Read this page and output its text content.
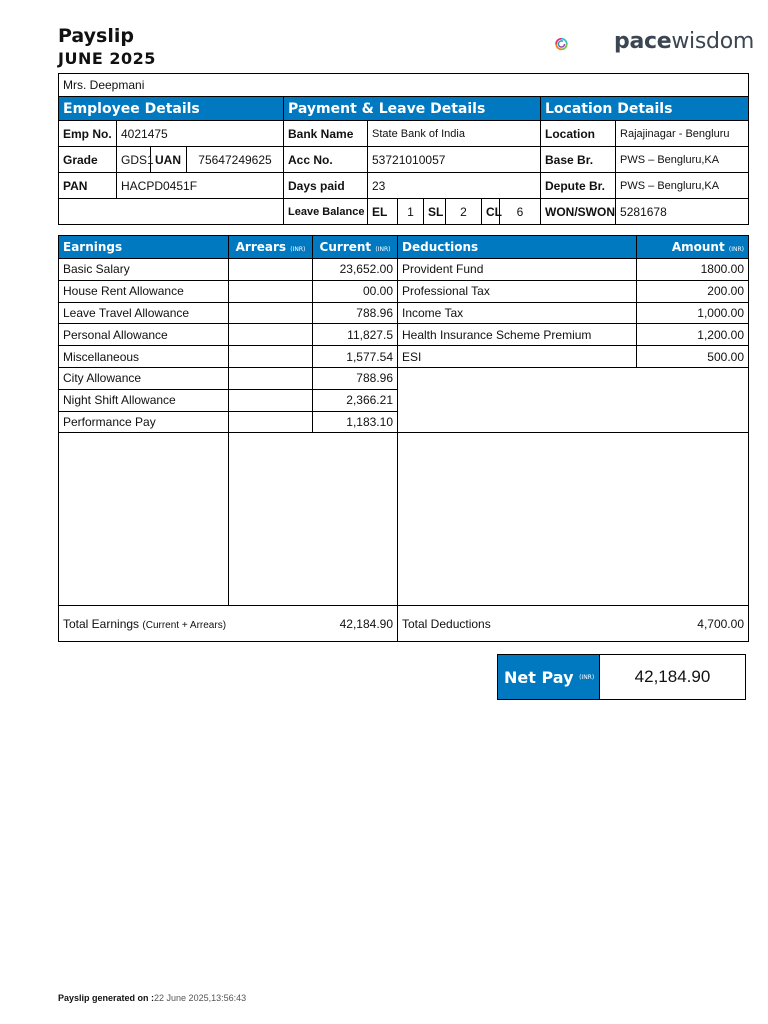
Payslip
JUNE 2025
pacewisdom
Mrs. Deepmani												
Employee Details				Payment & Leave Details							Location Details	
Emp No.	4021475			Bank Name	State Bank of India						Location	Rajajinagar - Bengluru
Grade	GDS1	UAN	75647249625	Acc No.	53721010057						Base Br.	PWS – Bengluru,KA
PAN	HACPD0451F			Days paid	23						Depute Br.	PWS – Bengluru,KA
				Leave Balance	EL	1	SL	2	CL	6	WON/SWON	5281678
Earnings	Arrears (INR)	Current (INR)	Deductions	Amount (INR)
Basic Salary		23,652.00	Provident Fund	1800.00
House Rent Allowance		00.00	Professional Tax	200.00
Leave Travel Allowance		788.96	Income Tax	1,000.00
Personal Allowance		11,827.5	Health Insurance Scheme Premium	1,200.00
Miscellaneous		1,577.54	ESI	500.00
City Allowance		788.96		
Night Shift Allowance		2,366.21		
Performance Pay		1,183.10		

Total Earnings (Current + Arrears)		42,184.90	Total Deductions	4,700.00
Net Pay
(INR)	42,184.90
Payslip generated on :22 June 2025,13:56:43
